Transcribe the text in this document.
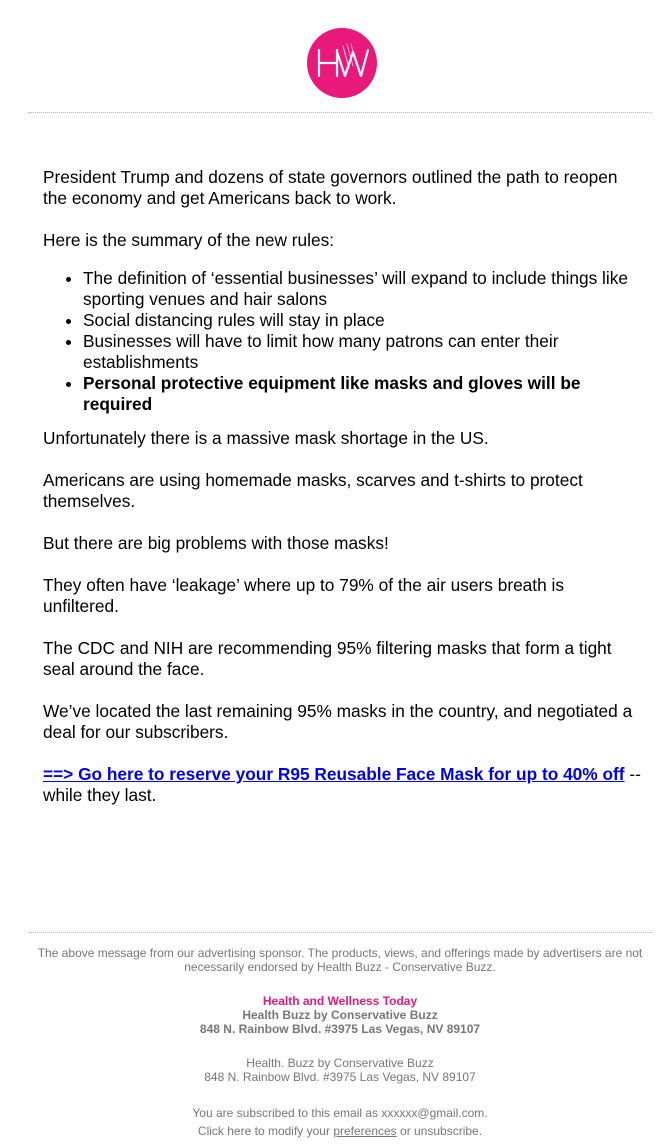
President Trump and dozens of state governors outlined the path to reopen the economy and get Americans back to work.

Here is the summary of the new rules:

• The definition of ‘essential businesses’ will expand to include things like sporting venues and hair salons
• Social distancing rules will stay in place
• Businesses will have to limit how many patrons can enter their establishments
• Personal protective equipment like masks and gloves will be required

Unfortunately there is a massive mask shortage in the US.

Americans are using homemade masks, scarves and t-shirts to protect themselves.

But there are big problems with those masks!

They often have ‘leakage’ where up to 79% of the air users breath is unfiltered.

The CDC and NIH are recommending 95% filtering masks that form a tight seal around the face.

We’ve located the last remaining 95% masks in the country, and negotiated a deal for our subscribers.

==> Go here to reserve your R95 Reusable Face Mask for up to 40% off -- while they last.

The above message from our advertising sponsor. The products, views, and offerings made by advertisers are not necessarily endorsed by Health Buzz - Conservative Buzz.

Health and Wellness Today

Health Buzz by Conservative Buzz

848 N. Rainbow Blvd. #3975 Las Vegas, NV 89107

Health. Buzz by Conservative Buzz

848 N. Rainbow Blvd. #3975 Las Vegas, NV 89107

You are subscribed to this email as xxxxxx@gmail.com.

Click here to modify your preferences or unsubscribe.
